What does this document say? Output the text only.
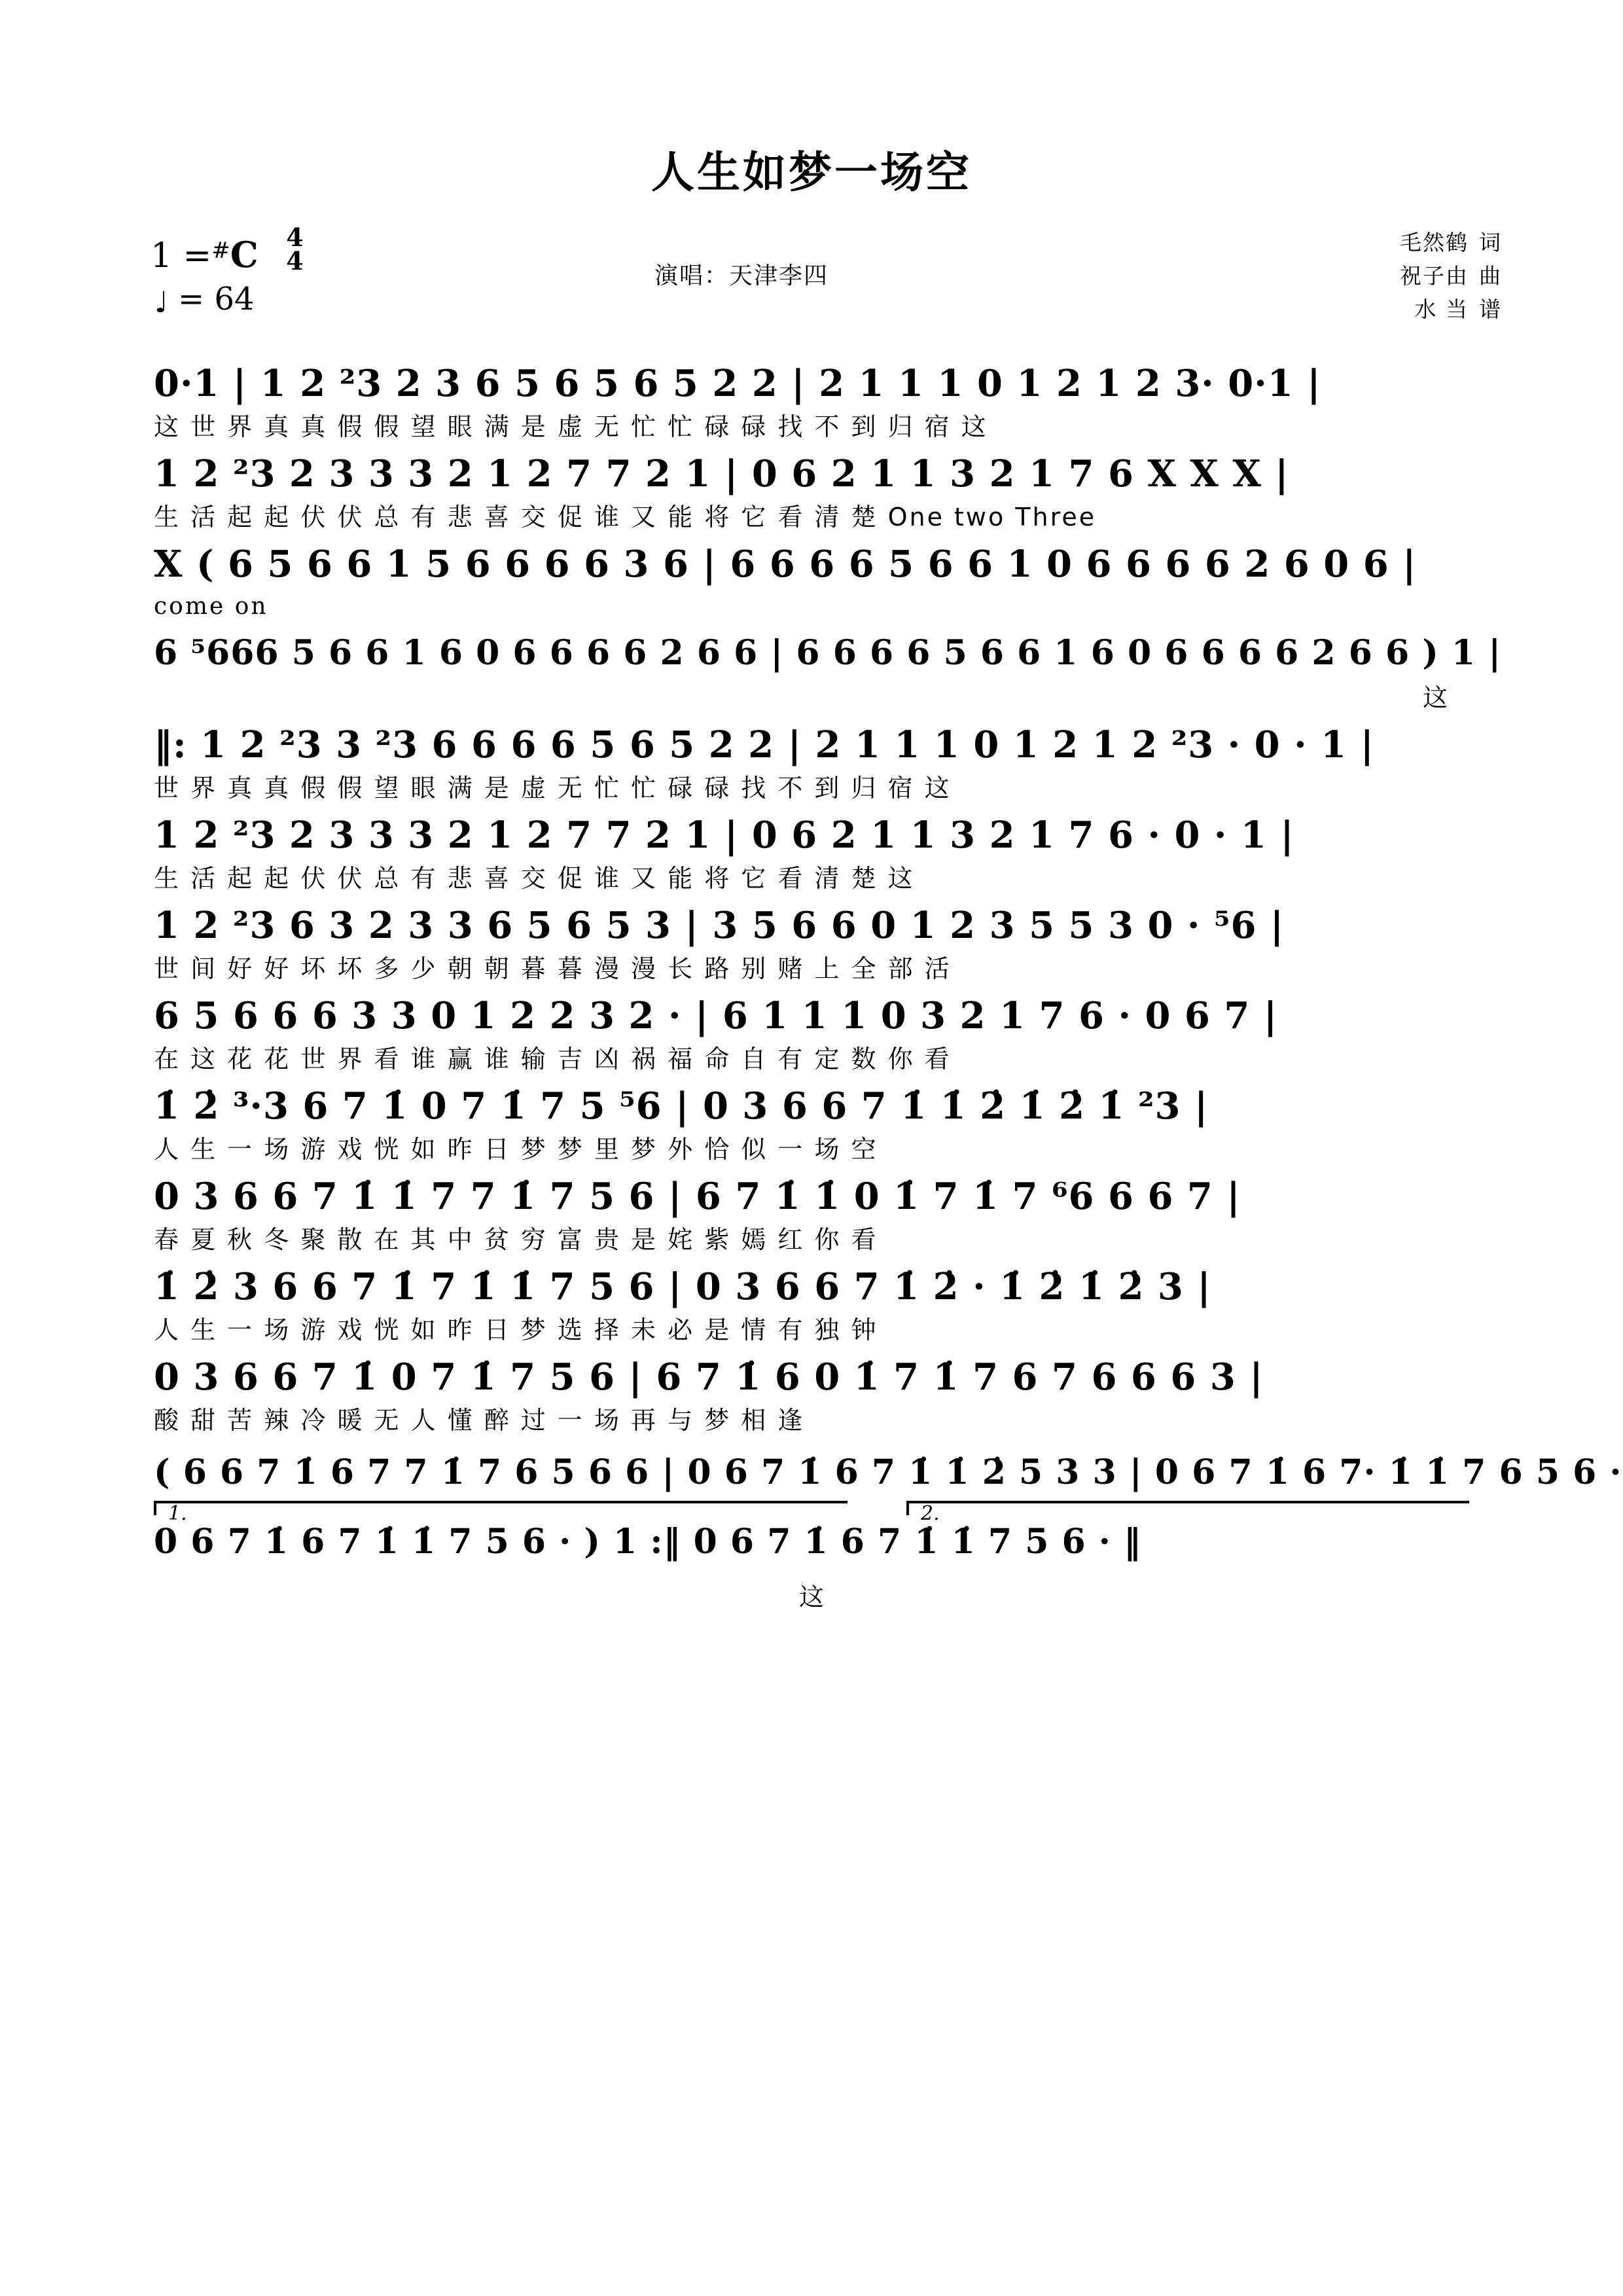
人生如梦一场空
1 =#C 4
4
♩ = 64
演唱：天津李四
毛然鹤 词
祝子由 曲
水 当 谱
0·1 | 1 2 ²3 2 3 6 5 6 5 6 5 2 2 | 2 1 1 1 0 1 2 1 2 3· 0·1 |
这 世 界 真 真 假 假 望 眼 满 是 虚 无 忙 忙 碌 碌 找 不 到 归 宿 这
1 2 ²3 2 3 3 3 2 1 2 7 7 2 1 | 0 6 2 1 1 3 2 1 7 6 X X X |
生 活 起 起 伏 伏 总 有 悲 喜 交 促 谁 又 能 将 它 看 清 楚 One two Three
X ( 6 5 6 6 1 5 6 6 6 6 3 6 | 6 6 6 6 5 6 6 1 0 6 6 6 6 2 6 0 6 |
come on
6 ⁵666 5 6 6 1 6 0 6 6 6 6 2 6 6 | 6 6 6 6 5 6 6 1 6 0 6 6 6 6 2 6 6 ) 1 |
这
‖: 1 2 ²3 3 ²3 6 6 6 6 5 6 5 2 2 | 2 1 1 1 0 1 2 1 2 ²3 · 0 · 1 |
世 界 真 真 假 假 望 眼 满 是 虚 无 忙 忙 碌 碌 找 不 到 归 宿 这
1 2 ²3 2 3 3 3 2 1 2 7 7 2 1 | 0 6 2 1 1 3 2 1 7 6 · 0 · 1 |
生 活 起 起 伏 伏 总 有 悲 喜 交 促 谁 又 能 将 它 看 清 楚 这
1 2 ²3 6 3 2 3 3 6 5 6 5 3 | 3 5 6 6 0 1 2 3 5 5 3 0 · ⁵6 |
世 间 好 好 坏 坏 多 少 朝 朝 暮 暮 漫 漫 长 路 别 赌 上 全 部 活
6 5 6 6 6 3 3 0 1 2 2 3 2 · | 6 1 1 1 0 3 2 1 7 6 · 0 6 7 |
在 这 花 花 世 界 看 谁 赢 谁 输 吉 凶 祸 福 命 自 有 定 数 你 看
1̇ 2̇ ³·3 6 7 1̇ 0 7 1̇ 7 5 ⁵6 | 0 3 6 6 7 1̇ 1̇ 2̇ 1̇ 2̇ 1̇ ²3 |
人 生 一 场 游 戏 恍 如 昨 日 梦 梦 里 梦 外 恰 似 一 场 空
0 3 6 6 7 1̇ 1̇ 7 7 1̇ 7 5 6 | 6 7 1̇ 1̇ 0 1̇ 7 1̇ 7 ⁶6 6 6 7 |
春 夏 秋 冬 聚 散 在 其 中 贫 穷 富 贵 是 姹 紫 嫣 红 你 看
1̇ 2̇ 3 6 6 7 1̇ 7 1̇ 1̇ 7 5 6 | 0 3 6 6 7 1̇ 2̇ · 1̇ 2̇ 1̇ 2̇ 3 |
人 生 一 场 游 戏 恍 如 昨 日 梦 选 择 未 必 是 情 有 独 钟
0 3 6 6 7 1̇ 0 7 1̇ 7 5 6 | 6 7 1̇ 6 0 1̇ 7 1̇ 7 6 7 6 6 6 3 |
酸 甜 苦 辣 冷 暖 无 人 懂 醉 过 一 场 再 与 梦 相 逢
( 6 6 7 1̇ 6 7 7 1̇ 7 6 5 6 6 | 0 6 7 1̇ 6 7 1̇ 1̇ 2̇ 5 3 3 | 0 6 7 1̇ 6 7· 1̇ 1̇ 7 6 5 6 ·
1.	2.
0 6 7 1̇ 6 7 1̇ 1̇ 7 5 6 · ) 1 :‖ 0 6 7 1̇ 6 7 1̇ 1̇ 7 5 6 · ‖
这
